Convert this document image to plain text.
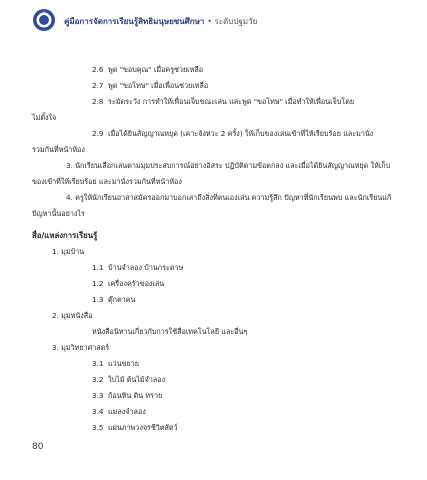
คู่มือการจัดการเรียนรู้สิทธิมนุษยชนศึกษา • ระดับปฐมวัย
2.6 พูด "ขอบคุณ" เมื่อครูช่วยเหลือ
2.7 พูด "ขอโทษ" เมื่อเพื่อนช่วยเหลือ
2.8 ระมัดระวัง การทำให้เพื่อนเจ็บขณะเล่น และพูด "ขอโทษ" เมื่อทำให้เพื่อนเจ็บโดย
ไม่ตั้งใจ
2.9 เมื่อได้ยินสัญญาณหยุด (เคาะจังหวะ 2 ครั้ง) ให้เก็บของเล่นเข้าที่ให้เรียบร้อย และมานั่ง
รวมกันที่หน้าห้อง
3. นักเรียนเลือกเล่นตามมุมประสบการณ์อย่างอิสระ ปฏิบัติตามข้อตกลง และเมื่อได้ยินสัญญาณหยุด ให้เก็บของเข้าที่ให้เรียบร้อย และมานั่งรวมกันที่หน้าห้อง
4. ครูให้นักเรียนอาสาสมัครออกมาบอกเล่าถึงสิ่งที่ตนเองเล่น ความรู้สึก ปัญหาที่นักเรียนพบ และนักเรียนแก้ปัญหานั้นอย่างไร
สื่อ/แหล่งการเรียนรู้
1. มุมบ้าน
1.1 บ้านจำลอง บ้านกระดาษ
1.2 เครื่องครัวของเล่น
1.3 ตุ๊กตาคน
2. มุมหนังสือ
หนังสือนิทานเกี่ยวกับการใช้สื่อเทคโนโลยี และอื่นๆ
3. มุมวิทยาศาสตร์
3.1 แว่นขยาย
3.2 ใบไม้ ต้นไม้จำลอง
3.3 ก้อนหิน ดิน ทราย
3.4 แมลงจำลอง
3.5 แผ่นภาพวงจรชีวิตสัตว์
80
